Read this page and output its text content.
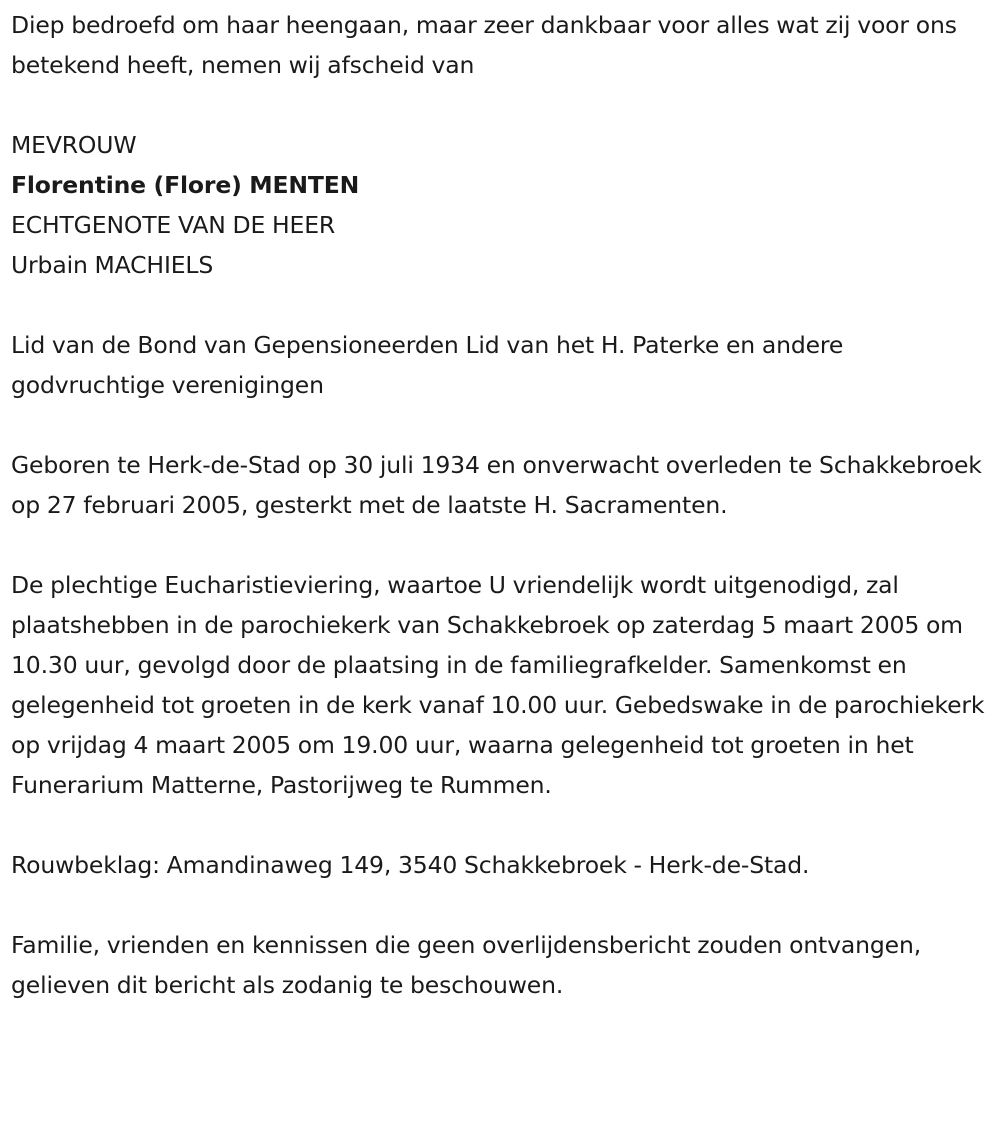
Diep bedroefd om haar heengaan, maar zeer dankbaar voor alles wat zij voor ons betekend heeft, nemen wij afscheid van

MEVROUW

Florentine (Flore) MENTEN

ECHTGENOTE VAN DE HEER

Urbain MACHIELS

Lid van de Bond van Gepensioneerden Lid van het H. Paterke en andere godvruchtige verenigingen

Geboren te Herk-de-Stad op 30 juli 1934 en onverwacht overleden te Schakkebroek op 27 februari 2005, gesterkt met de laatste H. Sacramenten.

De plechtige Eucharistieviering, waartoe U vriendelijk wordt uitgenodigd, zal plaatshebben in de parochiekerk van Schakkebroek op zaterdag 5 maart 2005 om 10.30 uur, gevolgd door de plaatsing in de familiegrafkelder. Samenkomst en gelegenheid tot groeten in de kerk vanaf 10.00 uur. Gebedswake in de parochiekerk op vrijdag 4 maart 2005 om 19.00 uur, waarna gelegenheid tot groeten in het Funerarium Matterne, Pastorijweg te Rummen.

Rouwbeklag: Amandinaweg 149, 3540 Schakkebroek - Herk-de-Stad.

Familie, vrienden en kennissen die geen overlijdensbericht zouden ontvangen, gelieven dit bericht als zodanig te beschouwen.
